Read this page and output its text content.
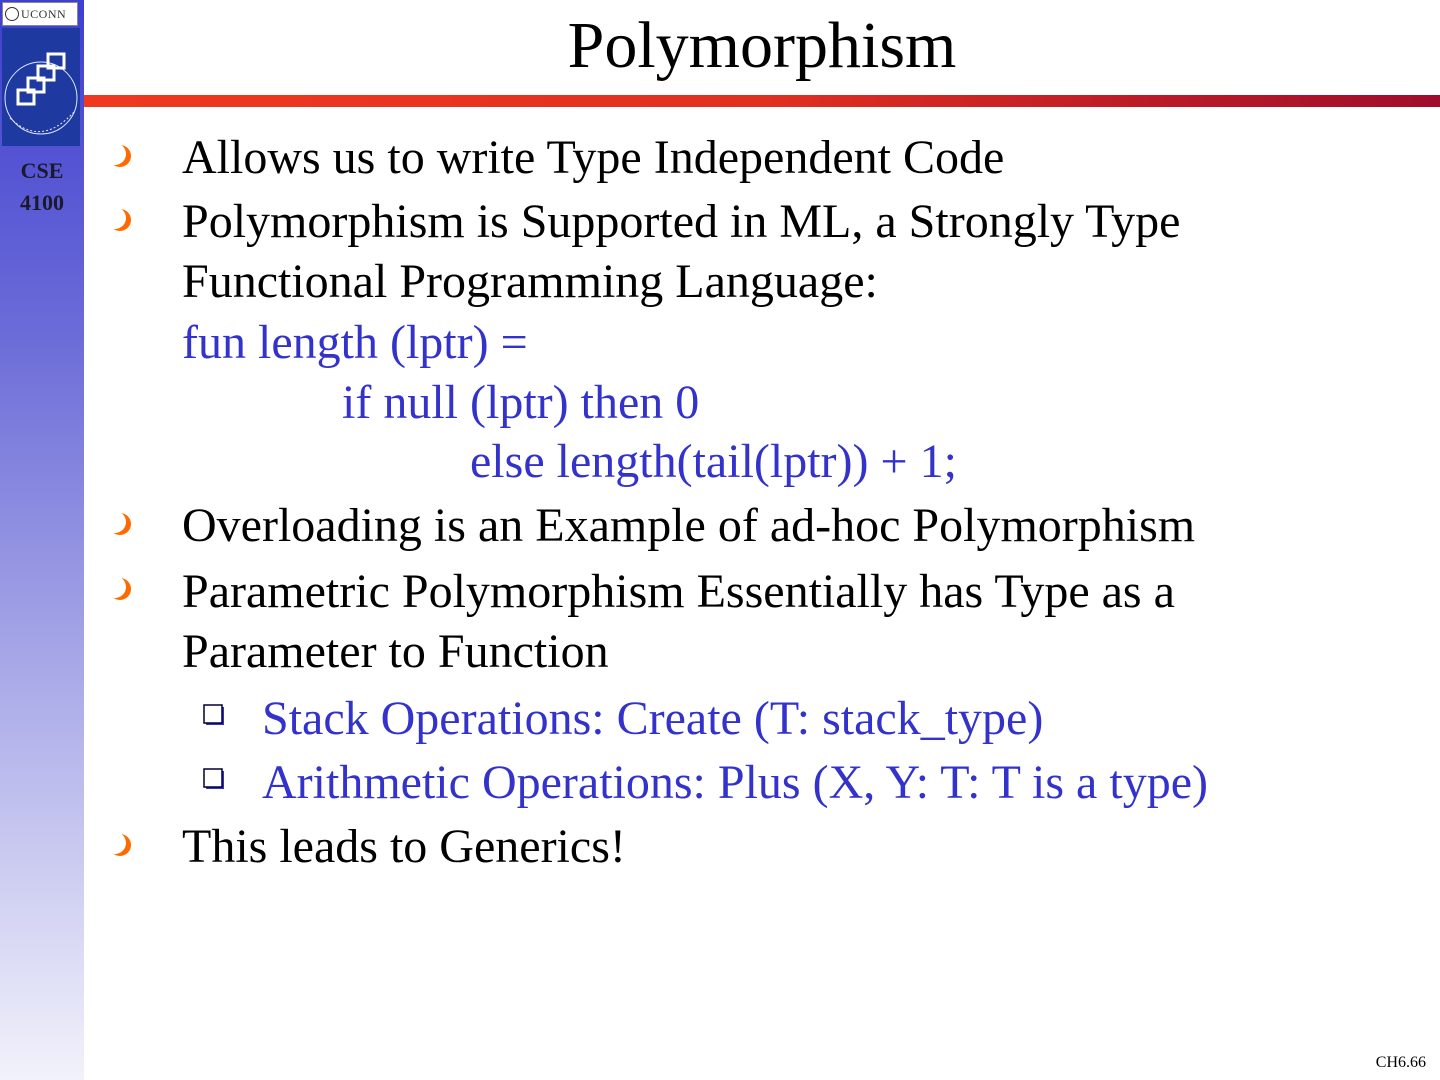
UCONN
CSE
4100
Polymorphism
Allows us to write Type Independent Code
Polymorphism is Supported in ML, a Strongly Type
Functional Programming Language:
fun length (lptr) =
if null (lptr) then 0
else length(tail(lptr)) + 1;
Overloading is an Example of ad-hoc Polymorphism
Parametric Polymorphism Essentially has Type as a
Parameter to Function
Stack Operations: Create (T: stack_type)
Arithmetic Operations: Plus (X, Y: T: T is a type)
This leads to Generics!
CH6.66
